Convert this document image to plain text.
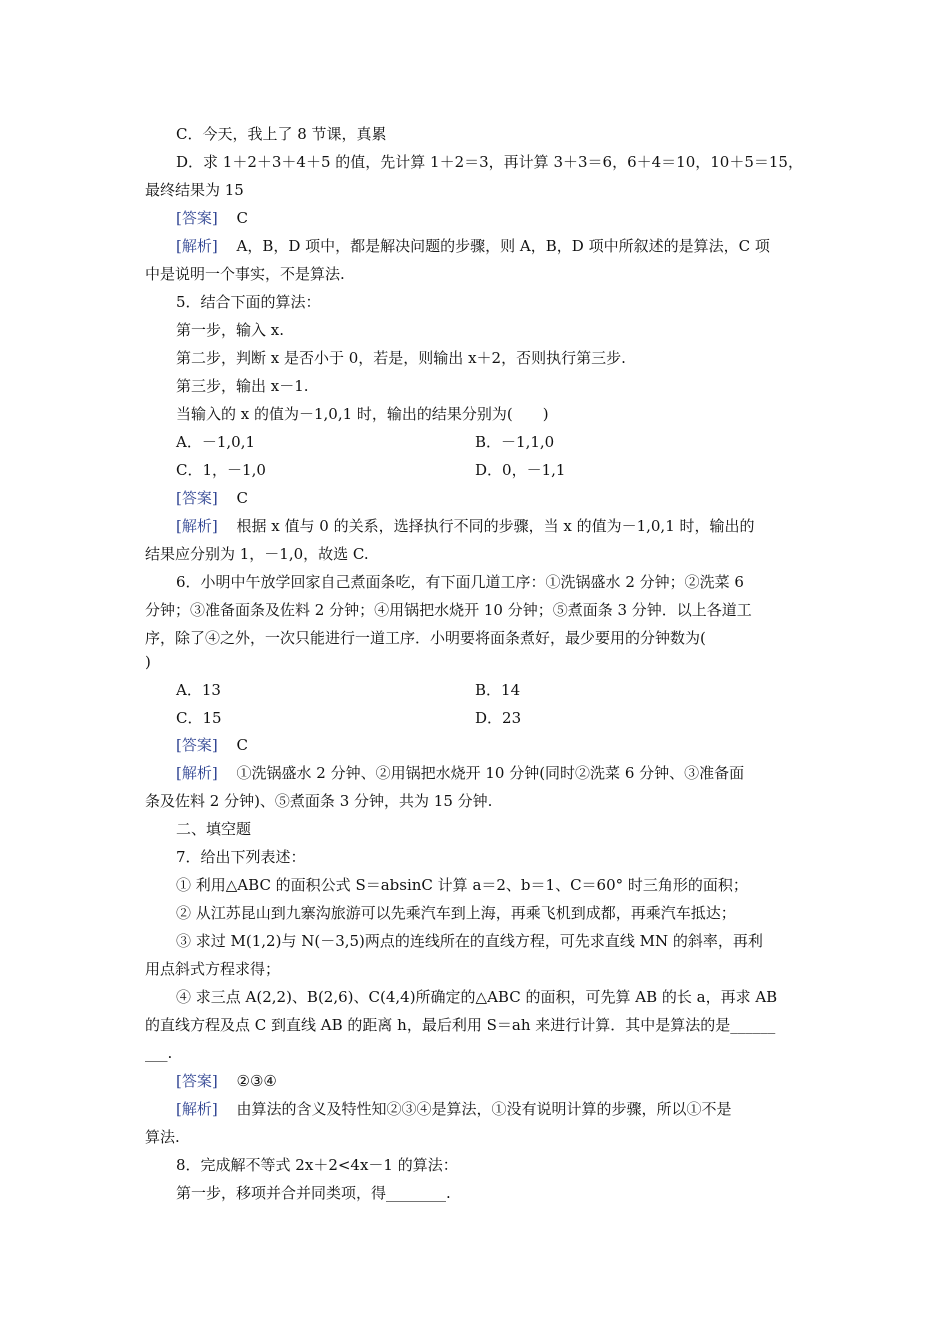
C．今天，我上了 8 节课，真累
D．求 1＋2＋3＋4＋5 的值，先计算 1＋2＝3，再计算 3＋3＝6，6＋4＝10，10＋5＝15，
最终结果为 15
[答案] C
[解析] A，B，D 项中，都是解决问题的步骤，则 A，B，D 项中所叙述的是算法，C 项
中是说明一个事实，不是算法.
5．结合下面的算法：
第一步，输入 x.
第二步，判断 x 是否小于 0，若是，则输出 x＋2，否则执行第三步.
第三步，输出 x－1.
当输入的 x 的值为－1,0,1 时，输出的结果分别为(　　)
A．－1,0,1	B．－1,1,0
C．1，－1,0	D．0，－1,1
[答案] C
[解析] 根据 x 值与 0 的关系，选择执行不同的步骤，当 x 的值为－1,0,1 时，输出的
结果应分别为 1，－1,0，故选 C.
6．小明中午放学回家自己煮面条吃，有下面几道工序：①洗锅盛水 2 分钟；②洗菜 6
分钟；③准备面条及佐料 2 分钟；④用锅把水烧开 10 分钟；⑤煮面条 3 分钟．以上各道工
序，除了④之外，一次只能进行一道工序．小明要将面条煮好，最少要用的分钟数为(
)
A．13	B．14
C．15	D．23
[答案] C
[解析] ①洗锅盛水 2 分钟、②用锅把水烧开 10 分钟(同时②洗菜 6 分钟、③准备面
条及佐料 2 分钟)、⑤煮面条 3 分钟，共为 15 分钟.
二、填空题
7．给出下列表述：
① 利用△ABC 的面积公式 S＝absinC 计算 a＝2、b＝1、C＝60° 时三角形的面积；
② 从江苏昆山到九寨沟旅游可以先乘汽车到上海，再乘飞机到成都，再乘汽车抵达；
③ 求过 M(1,2)与 N(－3,5)两点的连线所在的直线方程，可先求直线 MN 的斜率，再利
用点斜式方程求得；
④ 求三点 A(2,2)、B(2,6)、C(4,4)所确定的△ABC 的面积，可先算 AB 的长 a，再求 AB
的直线方程及点 C 到直线 AB 的距离 h，最后利用 S＝ah 来进行计算．其中是算法的是______
___.
[答案] ②③④
[解析] 由算法的含义及特性知②③④是算法，①没有说明计算的步骤，所以①不是
算法.
8．完成解不等式 2x＋2<4x－1 的算法：
第一步，移项并合并同类项，得________.
